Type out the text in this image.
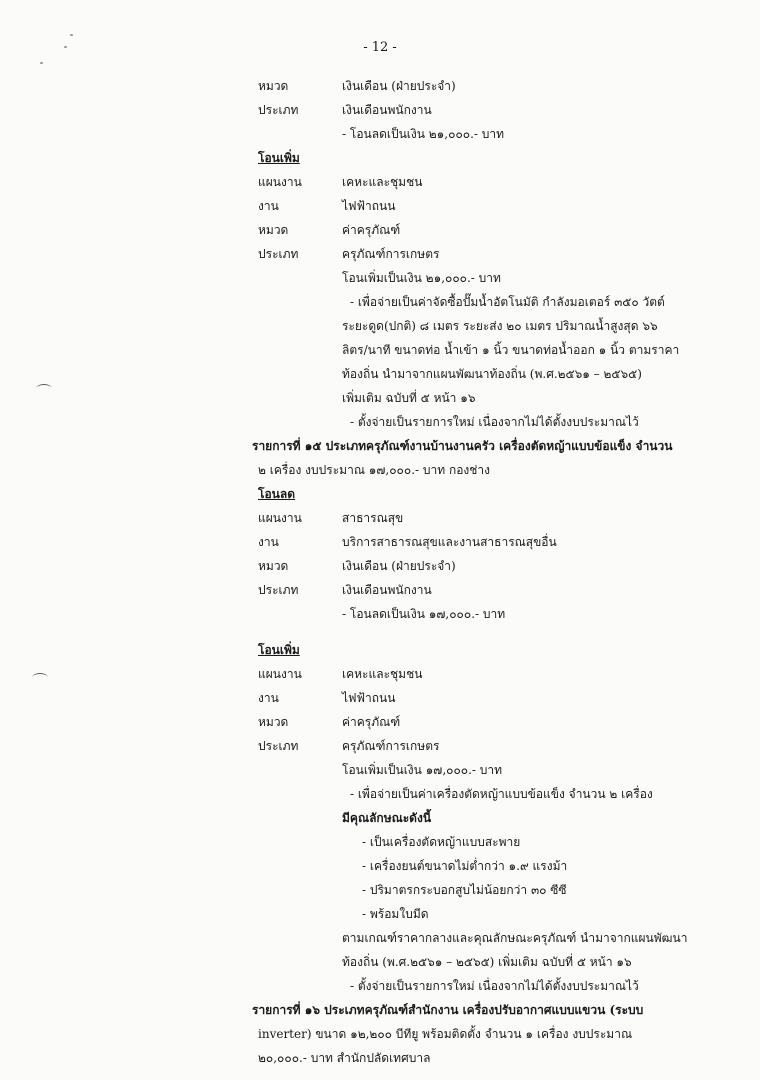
- 12 -
หมวด	เงินเดือน (ฝ่ายประจำ)
ประเภท	เงินเดือนพนักงาน
- โอนลดเป็นเงิน ๒๑,๐๐๐.- บาท
โอนเพิ่ม
แผนงาน	เคหะและชุมชน
งาน	ไฟฟ้าถนน
หมวด	ค่าครุภัณฑ์
ประเภท	ครุภัณฑ์การเกษตร
โอนเพิ่มเป็นเงิน ๒๑,๐๐๐.- บาท
- เพื่อจ่ายเป็นค่าจัดซื้อปั๊มน้ำอัตโนมัติ กำลังมอเตอร์ ๓๕๐ วัตต์
ระยะดูด(ปกติ) ๘ เมตร ระยะส่ง ๒๐ เมตร ปริมาณน้ำสูงสุด ๖๖
ลิตร/นาที ขนาดท่อ น้ำเข้า ๑ นิ้ว ขนาดท่อน้ำออก ๑ นิ้ว ตามราคา
ท้องถิ่น นำมาจากแผนพัฒนาท้องถิ่น (พ.ศ.๒๕๖๑ – ๒๕๖๕)
เพิ่มเติม ฉบับที่ ๕ หน้า ๑๖
- ตั้งจ่ายเป็นรายการใหม่ เนื่องจากไม่ได้ตั้งงบประมาณไว้
รายการที่ ๑๕ ประเภทครุภัณฑ์งานบ้านงานครัว เครื่องตัดหญ้าแบบข้อแข็ง จำนวน
๒ เครื่อง งบประมาณ ๑๗,๐๐๐.- บาท กองช่าง
โอนลด
แผนงาน	สาธารณสุข
งาน	บริการสาธารณสุขและงานสาธารณสุขอื่น
หมวด	เงินเดือน (ฝ่ายประจำ)
ประเภท	เงินเดือนพนักงาน
- โอนลดเป็นเงิน ๑๗,๐๐๐.- บาท
โอนเพิ่ม
แผนงาน	เคหะและชุมชน
งาน	ไฟฟ้าถนน
หมวด	ค่าครุภัณฑ์
ประเภท	ครุภัณฑ์การเกษตร
โอนเพิ่มเป็นเงิน ๑๗,๐๐๐.- บาท
- เพื่อจ่ายเป็นค่าเครื่องตัดหญ้าแบบข้อแข็ง จำนวน ๒ เครื่อง
มีคุณลักษณะดังนี้
- เป็นเครื่องตัดหญ้าแบบสะพาย
- เครื่องยนต์ขนาดไม่ต่ำกว่า ๑.๙ แรงม้า
- ปริมาตรกระบอกสูบไม่น้อยกว่า ๓๐ ซีซี
- พร้อมใบมีด
ตามเกณฑ์ราคากลางและคุณลักษณะครุภัณฑ์ นำมาจากแผนพัฒนา
ท้องถิ่น (พ.ศ.๒๕๖๑ – ๒๕๖๕) เพิ่มเติม ฉบับที่ ๕ หน้า ๑๖
- ตั้งจ่ายเป็นรายการใหม่ เนื่องจากไม่ได้ตั้งงบประมาณไว้
รายการที่ ๑๖ ประเภทครุภัณฑ์สำนักงาน เครื่องปรับอากาศแบบแขวน (ระบบ
inverter) ขนาด ๑๒,๒๐๐ บีทียู พร้อมติดตั้ง จำนวน ๑ เครื่อง งบประมาณ
๒๐,๐๐๐.- บาท สำนักปลัดเทศบาล
